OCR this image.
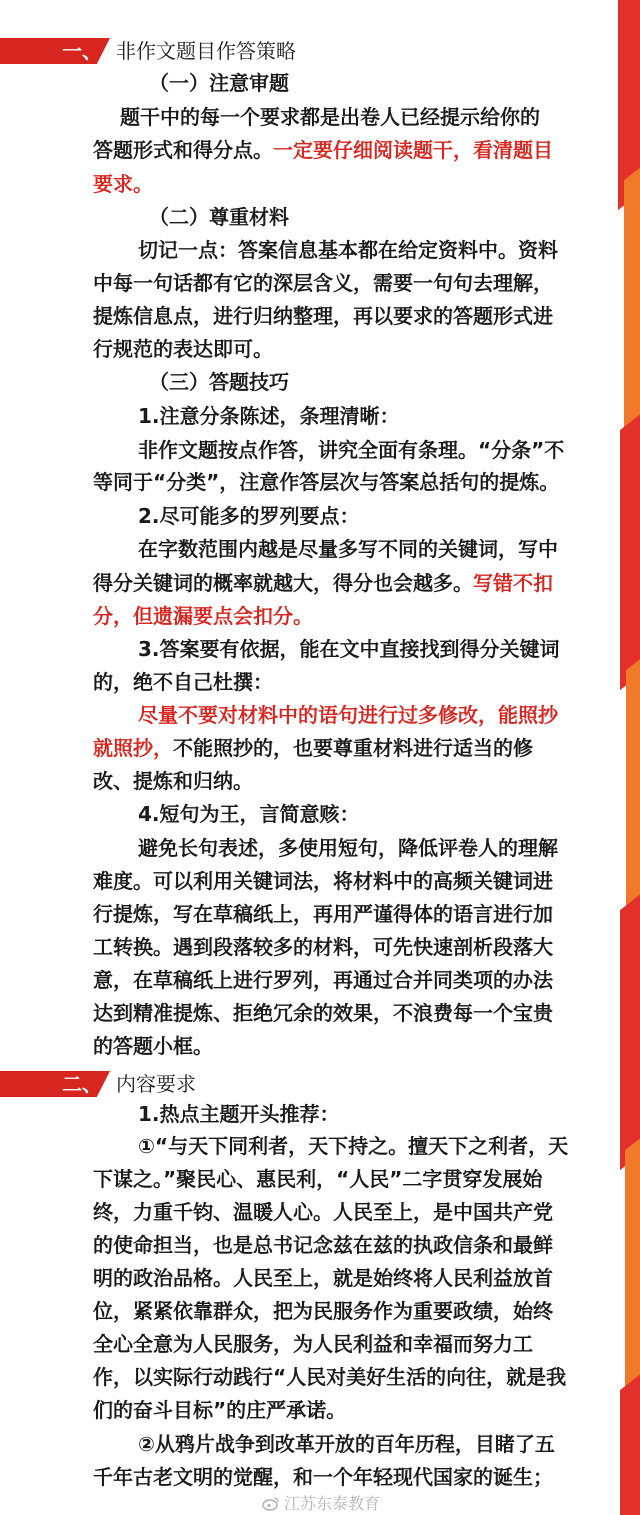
一、 非作文题目作答策略
（一）注意审题
题干中的每一个要求都是出卷人已经提示给你的
答题形式和得分点。一定要仔细阅读题干，看清题目
要求。
（二）尊重材料
切记一点：答案信息基本都在给定资料中。资料
中每一句话都有它的深层含义，需要一句句去理解，
提炼信息点，进行归纳整理，再以要求的答题形式进
行规范的表达即可。
（三）答题技巧
1.注意分条陈述，条理清晰：
非作文题按点作答，讲究全面有条理。“分条”不
等同于“分类”，注意作答层次与答案总括句的提炼。
2.尽可能多的罗列要点：
在字数范围内越是尽量多写不同的关键词，写中
得分关键词的概率就越大，得分也会越多。写错不扣
分，但遗漏要点会扣分。
3.答案要有依据，能在文中直接找到得分关键词
的，绝不自己杜撰：
尽量不要对材料中的语句进行过多修改，能照抄
就照抄，不能照抄的，也要尊重材料进行适当的修
改、提炼和归纳。
4.短句为王，言简意赅：
避免长句表述，多使用短句，降低评卷人的理解
难度。可以利用关键词法，将材料中的高频关键词进
行提炼，写在草稿纸上，再用严谨得体的语言进行加
工转换。遇到段落较多的材料，可先快速剖析段落大
意，在草稿纸上进行罗列，再通过合并同类项的办法
达到精准提炼、拒绝冗余的效果，不浪费每一个宝贵
的答题小框。
二、 内容要求
1.热点主题开头推荐：
①“与天下同利者，天下持之。擅天下之利者，天
下谋之。”聚民心、惠民利，“人民”二字贯穿发展始
终，力重千钧、温暖人心。人民至上，是中国共产党
的使命担当，也是总书记念兹在兹的执政信条和最鲜
明的政治品格。人民至上，就是始终将人民利益放首
位，紧紧依靠群众，把为民服务作为重要政绩，始终
全心全意为人民服务，为人民利益和幸福而努力工
作，以实际行动践行“人民对美好生活的向往，就是我
们的奋斗目标”的庄严承诺。
②从鸦片战争到改革开放的百年历程，目睹了五
千年古老文明的觉醒，和一个年轻现代国家的诞生；
江苏东泰教育
